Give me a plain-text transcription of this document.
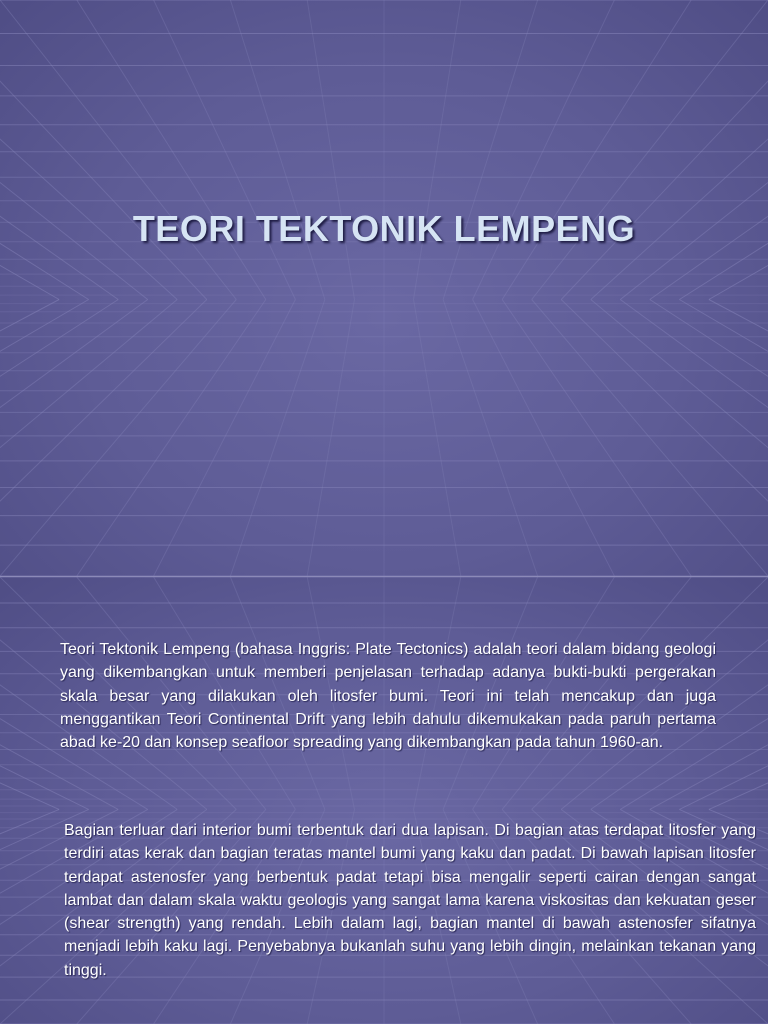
TEORI TEKTONIK LEMPENG

Teori Tektonik Lempeng (bahasa Inggris: Plate Tectonics) adalah teori dalam bidang geologi yang dikembangkan untuk memberi penjelasan terhadap adanya bukti-bukti pergerakan skala besar yang dilakukan oleh litosfer bumi. Teori ini telah mencakup dan juga menggantikan Teori Continental Drift yang lebih dahulu dikemukakan pada paruh pertama abad ke-20 dan konsep seafloor spreading yang dikembangkan pada tahun 1960-an.

Bagian terluar dari interior bumi terbentuk dari dua lapisan. Di bagian atas terdapat litosfer yang terdiri atas kerak dan bagian teratas mantel bumi yang kaku dan padat. Di bawah lapisan litosfer terdapat astenosfer yang berbentuk padat tetapi bisa mengalir seperti cairan dengan sangat lambat dan dalam skala waktu geologis yang sangat lama karena viskositas dan kekuatan geser (shear strength) yang rendah. Lebih dalam lagi, bagian mantel di bawah astenosfer sifatnya menjadi lebih kaku lagi. Penyebabnya bukanlah suhu yang lebih dingin, melainkan tekanan yang tinggi.
